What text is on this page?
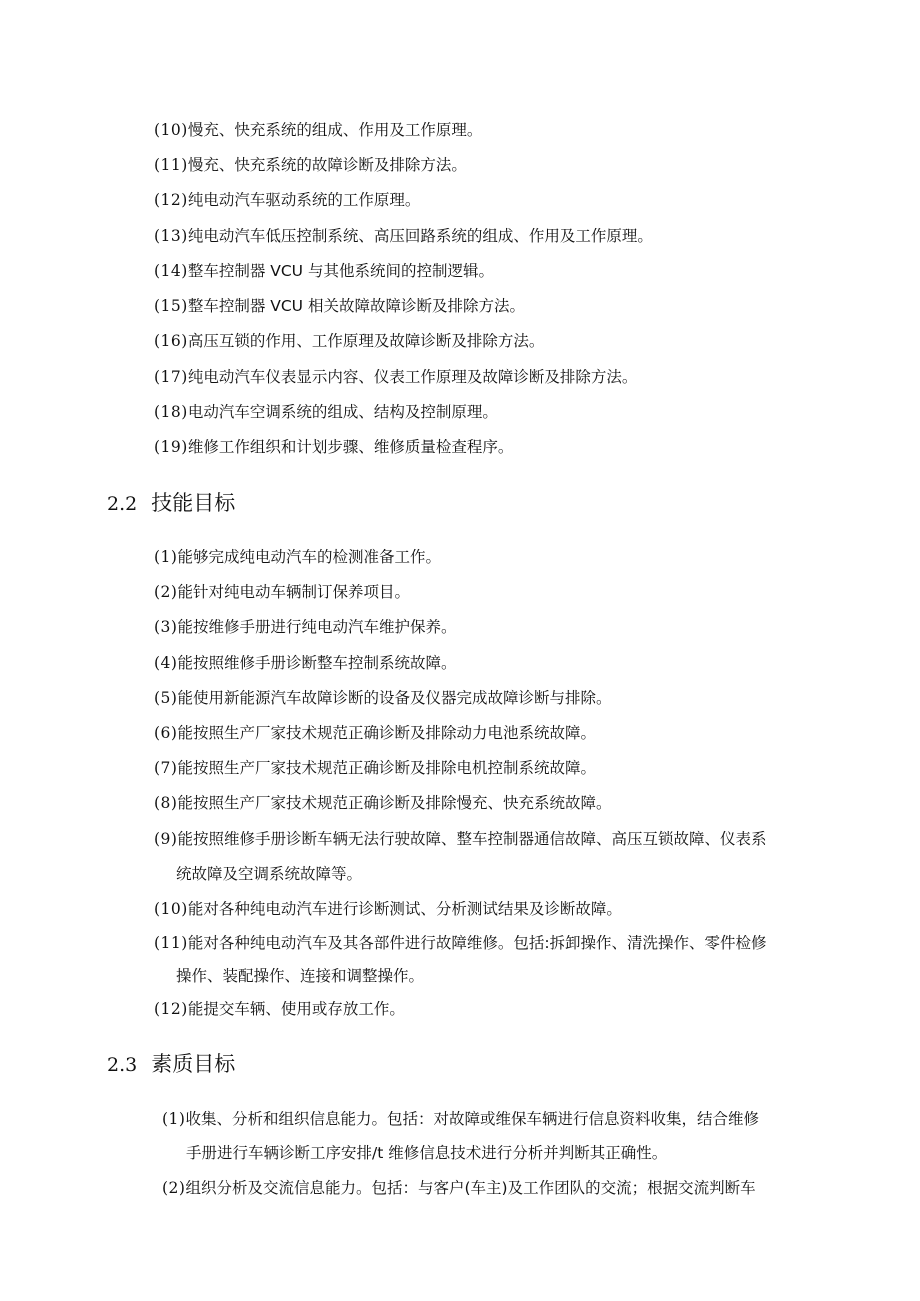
(10)慢充、快充系统的组成、作用及工作原理。
(11)慢充、快充系统的故障诊断及排除方法。
(12)纯电动汽车驱动系统的工作原理。
(13)纯电动汽车低压控制系统、高压回路系统的组成、作用及工作原理。
(14)整车控制器 VCU 与其他系统间的控制逻辑。
(15)整车控制器 VCU 相关故障故障诊断及排除方法。
(16)高压互锁的作用、工作原理及故障诊断及排除方法。
(17)纯电动汽车仪表显示内容、仪表工作原理及故障诊断及排除方法。
(18)电动汽车空调系统的组成、结构及控制原理。
(19)维修工作组织和计划步骤、维修质量检查程序。
2.2 技能目标
(1)能够完成纯电动汽车的检测准备工作。
(2)能针对纯电动车辆制订保养项目。
(3)能按维修手册进行纯电动汽车维护保养。
(4)能按照维修手册诊断整车控制系统故障。
(5)能使用新能源汽车故障诊断的设备及仪器完成故障诊断与排除。
(6)能按照生产厂家技术规范正确诊断及排除动力电池系统故障。
(7)能按照生产厂家技术规范正确诊断及排除电机控制系统故障。
(8)能按照生产厂家技术规范正确诊断及排除慢充、快充系统故障。
(9)能按照维修手册诊断车辆无法行驶故障、整车控制器通信故障、高压互锁故障、仪表系
统故障及空调系统故障等。
(10)能对各种纯电动汽车进行诊断测试、分析测试结果及诊断故障。
(11)能对各种纯电动汽车及其各部件进行故障维修。包括:拆卸操作、清洗操作、零件检修
操作、装配操作、连接和调整操作。
(12)能提交车辆、使用或存放工作。
2.3 素质目标
(1)收集、分析和组织信息能力。包括：对故障或维保车辆进行信息资料收集，结合维修
手册进行车辆诊断工序安排/t 维修信息技术进行分析并判断其正确性。
(2)组织分析及交流信息能力。包括：与客户(车主)及工作团队的交流；根据交流判断车
